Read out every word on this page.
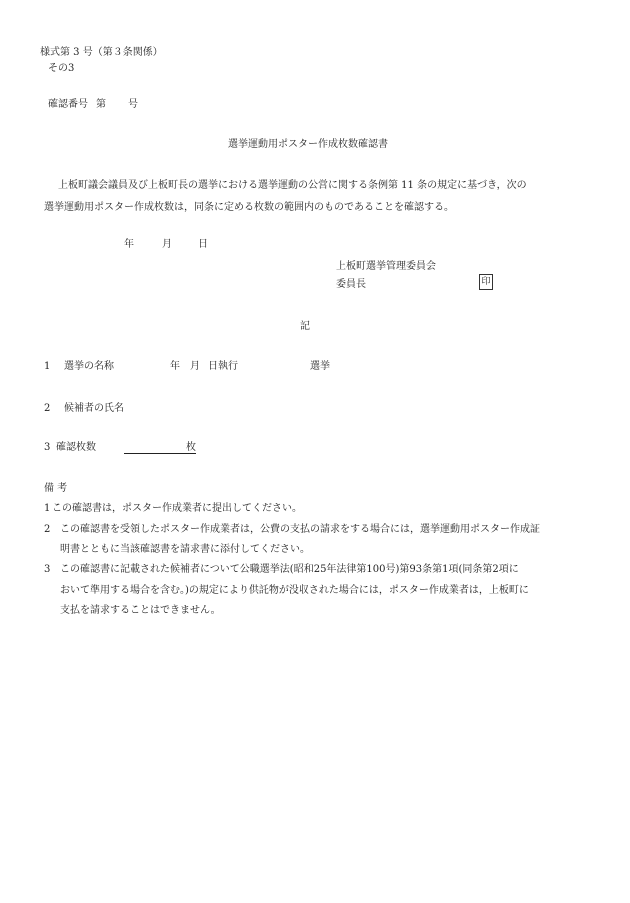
様式第 3 号（第３条関係）
その3
確認番号 第 号
選挙運動用ポスター作成枚数確認書
上板町議会議員及び上板町長の選挙における選挙運動の公営に関する条例第 11 条の規定に基づき，次の
選挙運動用ポスター作成枚数は，同条に定める枚数の範囲内のものであることを確認する。
年	月	日
上板町選挙管理委員会
委員長	印
記
1 選挙の名称	年 月 日執行	選挙
2 候補者の氏名
3 確認枚数	枚
備 考
1 この確認書は，ポスター作成業者に提出してください。
2 この確認書を受領したポスター作成業者は，公費の支払の請求をする場合には，選挙運動用ポスター作成証
明書とともに当該確認書を請求書に添付してください。
3 この確認書に記載された候補者について公職選挙法(昭和25年法律第100号)第93条第1項(同条第2項に
おいて準用する場合を含む。)の規定により供託物が没収された場合には，ポスター作成業者は，上板町に
支払を請求することはできません。
